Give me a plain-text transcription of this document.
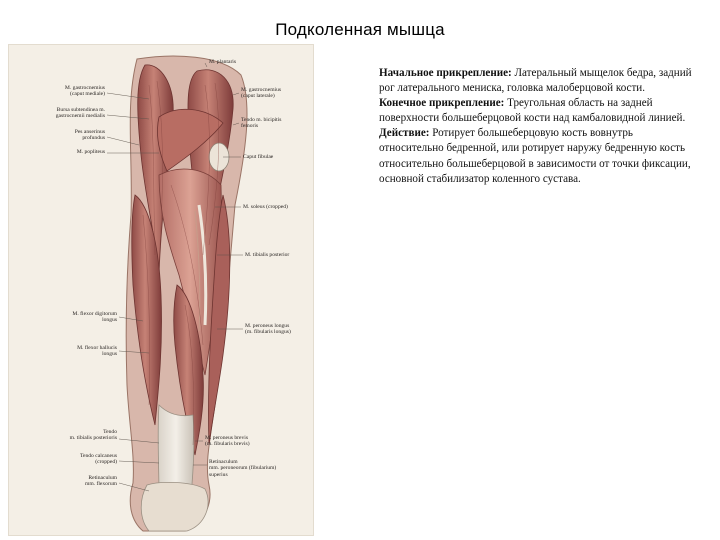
Подколенная мышца
M. gastrocnemius
(caput mediale)
Bursa subtendinea m.
gastrocnemii medialis
Pes anserinus
profundus
M. popliteus
M. flexor digitorum
longus
M. flexor hallucis
longus
Tendo
m. tibialis posterioris
Tendo calcaneus
(cropped)
Retinaculum
mm. flexorum
M. plantaris
M. gastrocnemius
(caput laterale)
Tendo m. bicipitis
femoris
Caput fibulae
M. soleus (cropped)
M. tibialis posterior
M. peroneus longus
(m. fibularis longus)
M. peroneus brevis
(m. fibularis brevis)
Retinaculum
mm. peroneorum (fibularium)
superius

Начальное прикрепление: Латеральный мыщелок бедра, задний рог латерального мениска, головка малоберцовой кости.

Конечное прикрепление: Треугольная область на задней поверхности большеберцовой кости над камбаловидной линией.

Действие: Ротирует большеберцовую кость вовнутрь относительно бедренной, или ротирует наружу бедренную кость относительно большеберцовой в зависимости от точки фиксации, основной стабилизатор коленного сустава.
